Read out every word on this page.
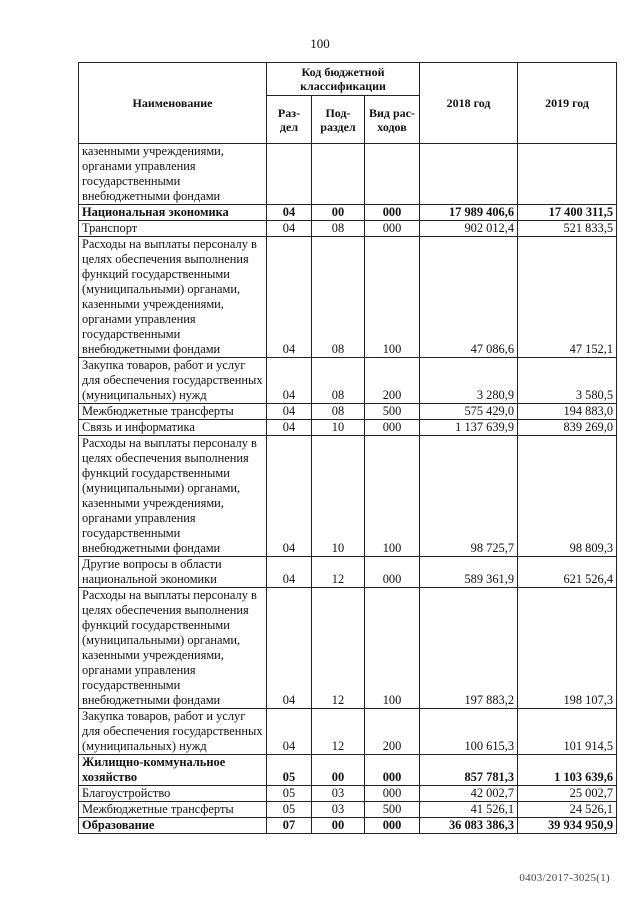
100
Наименование	Код бюджетной классификации			2018 год	2019 год
	Раз-дел	Под-раздел	Вид рас-ходов		
казенными учреждениями, органами управления государственными внебюджетными фондами					
Национальная экономика	04	00	000	17 989 406,6	17 400 311,5
Транспорт	04	08	000	902 012,4	521 833,5
Расходы на выплаты персоналу в целях обеспечения выполнения функций государственными (муниципальными) органами, казенными учреждениями, органами управления государственными внебюджетными фондами	04	08	100	47 086,6	47 152,1
Закупка товаров, работ и услуг для обеспечения государственных (муниципальных) нужд	04	08	200	3 280,9	3 580,5
Межбюджетные трансферты	04	08	500	575 429,0	194 883,0
Связь и информатика	04	10	000	1 137 639,9	839 269,0
Расходы на выплаты персоналу в целях обеспечения выполнения функций государственными (муниципальными) органами, казенными учреждениями, органами управления государственными внебюджетными фондами	04	10	100	98 725,7	98 809,3
Другие вопросы в области национальной экономики	04	12	000	589 361,9	621 526,4
Расходы на выплаты персоналу в целях обеспечения выполнения функций государственными (муниципальными) органами, казенными учреждениями, органами управления государственными внебюджетными фондами	04	12	100	197 883,2	198 107,3
Закупка товаров, работ и услуг для обеспечения государственных (муниципальных) нужд	04	12	200	100 615,3	101 914,5
Жилищно-коммунальное хозяйство	05	00	000	857 781,3	1 103 639,6
Благоустройство	05	03	000	42 002,7	25 002,7
Межбюджетные трансферты	05	03	500	41 526,1	24 526,1
Образование	07	00	000	36 083 386,3	39 934 950,9
0403/2017-3025(1)
